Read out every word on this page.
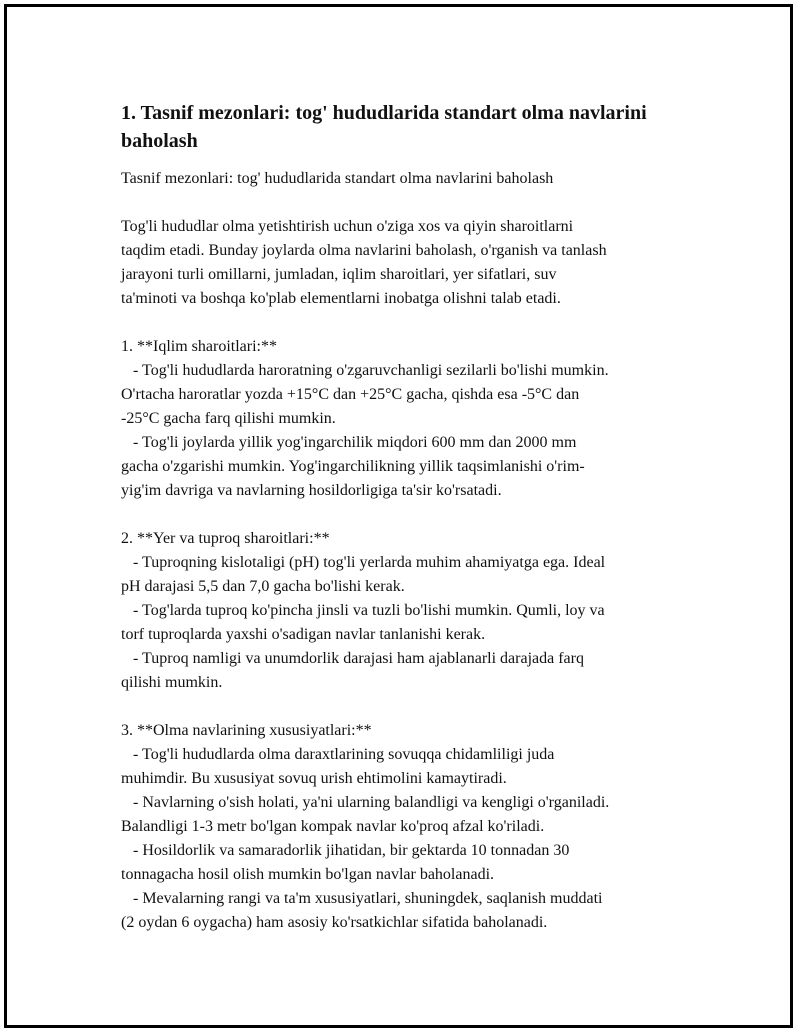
1. Tasnif mezonlari: tog' hududlarida standart olma navlarini baholash
Tasnif mezonlari: tog' hududlarida standart olma navlarini baholash
Tog'li hududlar olma yetishtirish uchun o'ziga xos va qiyin sharoitlarni
taqdim etadi. Bunday joylarda olma navlarini baholash, o'rganish va tanlash
jarayoni turli omillarni, jumladan, iqlim sharoitlari, yer sifatlari, suv
ta'minoti va boshqa ko'plab elementlarni inobatga olishni talab etadi.
1. **Iqlim sharoitlari:**
- Tog'li hududlarda haroratning o'zgaruvchanligi sezilarli bo'lishi mumkin.
O'rtacha haroratlar yozda +15°C dan +25°C gacha, qishda esa -5°C dan
-25°C gacha farq qilishi mumkin.
- Tog'li joylarda yillik yog'ingarchilik miqdori 600 mm dan 2000 mm
gacha o'zgarishi mumkin. Yog'ingarchilikning yillik taqsimlanishi o'rim-
yig'im davriga va navlarning hosildorligiga ta'sir ko'rsatadi.
2. **Yer va tuproq sharoitlari:**
- Tuproqning kislotaligi (pH) tog'li yerlarda muhim ahamiyatga ega. Ideal
pH darajasi 5,5 dan 7,0 gacha bo'lishi kerak.
- Tog'larda tuproq ko'pincha jinsli va tuzli bo'lishi mumkin. Qumli, loy va
torf tuproqlarda yaxshi o'sadigan navlar tanlanishi kerak.
- Tuproq namligi va unumdorlik darajasi ham ajablanarli darajada farq
qilishi mumkin.
3. **Olma navlarining xususiyatlari:**
- Tog'li hududlarda olma daraxtlarining sovuqqa chidamliligi juda
muhimdir. Bu xususiyat sovuq urish ehtimolini kamaytiradi.
- Navlarning o'sish holati, ya'ni ularning balandligi va kengligi o'rganiladi.
Balandligi 1-3 metr bo'lgan kompak navlar ko'proq afzal ko'riladi.
- Hosildorlik va samaradorlik jihatidan, bir gektarda 10 tonnadan 30
tonnagacha hosil olish mumkin bo'lgan navlar baholanadi.
- Mevalarning rangi va ta'm xususiyatlari, shuningdek, saqlanish muddati
(2 oydan 6 oygacha) ham asosiy ko'rsatkichlar sifatida baholanadi.
